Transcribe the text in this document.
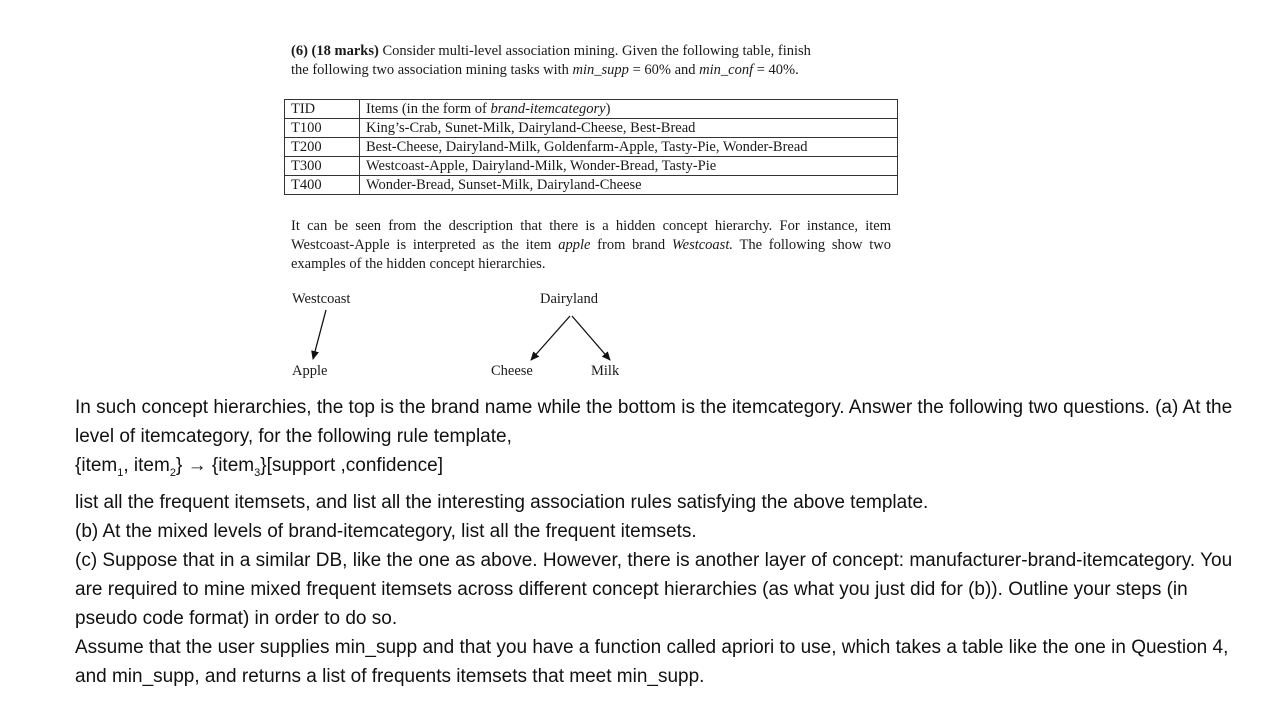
(6) (18 marks) Consider multi-level association mining. Given the following table, finish
the following two association mining tasks with min_supp = 60% and min_conf = 40%.
TID	Items (in the form of brand-itemcategory)
T100	King’s-Crab, Sunet-Milk, Dairyland-Cheese, Best-Bread
T200	Best-Cheese, Dairyland-Milk, Goldenfarm-Apple, Tasty-Pie, Wonder-Bread
T300	Westcoast-Apple, Dairyland-Milk, Wonder-Bread, Tasty-Pie
T400	Wonder-Bread, Sunset-Milk, Dairyland-Cheese
It can be seen from the description that there is a hidden concept hierarchy. For instance, item Westcoast-Apple is interpreted as the item apple from brand Westcoast. The following show two examples of the hidden concept hierarchies.
Westcoast
Apple
Dairyland
Cheese	Milk

In such concept hierarchies, the top is the brand name while the bottom is the itemcategory. Answer the following two questions. (a) At the level of itemcategory, for the following rule template,

{item$_1$, item$_2$} → {item$_3$}[support ,confidence]

list all the frequent itemsets, and list all the interesting association rules satisfying the above template.

(b) At the mixed levels of brand-itemcategory, list all the frequent itemsets.

(c) Suppose that in a similar DB, like the one as above. However, there is another layer of concept: manufacturer-brand-itemcategory. You are required to mine mixed frequent itemsets across different concept hierarchies (as what you just did for (b)). Outline your steps (in pseudo code format) in order to do so.

Assume that the user supplies min_supp and that you have a function called apriori to use, which takes a table like the one in Question 4, and min_supp, and returns a list of frequents itemsets that meet min_supp.
